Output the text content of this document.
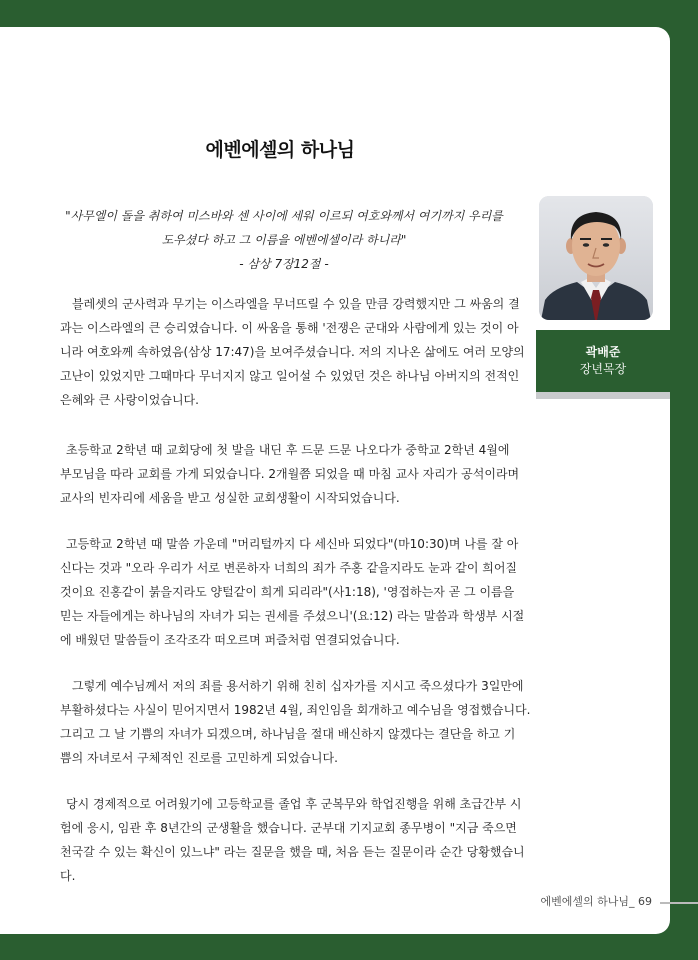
에벤에셀의 하나님
"사무엘이 돌을 취하여 미스바와 센 사이에 세워 이르되 여호와께서 여기까지 우리를
도우셨다 하고 그 이름을 에벤에셀이라 하니라"
- 삼상 7장12절 -
블레셋의 군사력과 무기는 이스라엘을 무너뜨릴 수 있을 만큼 강력했지만 그 싸움의 결
과는 이스라엘의 큰 승리였습니다. 이 싸움을 통해 '전쟁은 군대와 사람에게 있는 것이 아
니라 여호와께 속하였음(삼상 17:47)을 보여주셨습니다. 저의 지나온 삶에도 여러 모양의
고난이 있었지만 그때마다 무너지지 않고 일어설 수 있었던 것은 하나님 아버지의 전적인
은혜와 큰 사랑이었습니다.
초등학교 2학년 때 교회당에 첫 발을 내딘 후 드문 드문 나오다가 중학교 2학년 4월에
부모님을 따라 교회를 가게 되었습니다. 2개월쯤 되었을 때 마침 교사 자리가 공석이라며
교사의 빈자리에 세움을 받고 성실한 교회생활이 시작되었습니다.
고등학교 2학년 때 말씀 가운데 "머리털까지 다 세신바 되었다"(마10:30)며 나를 잘 아
신다는 것과 "오라 우리가 서로 변론하자 너희의 죄가 주홍 같을지라도 눈과 같이 희어질
것이요 진홍같이 붉을지라도 양털같이 희게 되리라"(사1:18), '영접하는자 곧 그 이름을
믿는 자들에게는 하나님의 자녀가 되는 권세를 주셨으니'(요:12) 라는 말씀과 학생부 시절
에 배웠던 말씀들이 조각조각 떠오르며 퍼즐처럼 연결되었습니다.
그렇게 예수님께서 저의 죄를 용서하기 위해 친히 십자가를 지시고 죽으셨다가 3일만에
부활하셨다는 사실이 믿어지면서 1982년 4월, 죄인임을 회개하고 예수님을 영접했습니다.
그리고 그 날 기쁨의 자녀가 되겠으며, 하나님을 절대 배신하지 않겠다는 결단을 하고 기
쁨의 자녀로서 구체적인 진로를 고민하게 되었습니다.
당시 경제적으로 어려웠기에 고등학교를 졸업 후 군복무와 학업진행을 위해 초급간부 시
험에 응시, 임관 후 8년간의 군생활을 했습니다. 군부대 기지교회 종무병이 "지금 죽으면
천국갈 수 있는 확신이 있느냐" 라는 질문을 했을 때, 처음 듣는 질문이라 순간 당황했습니
다.
곽배준
장년목장
에벤에셀의 하나님_ 69
